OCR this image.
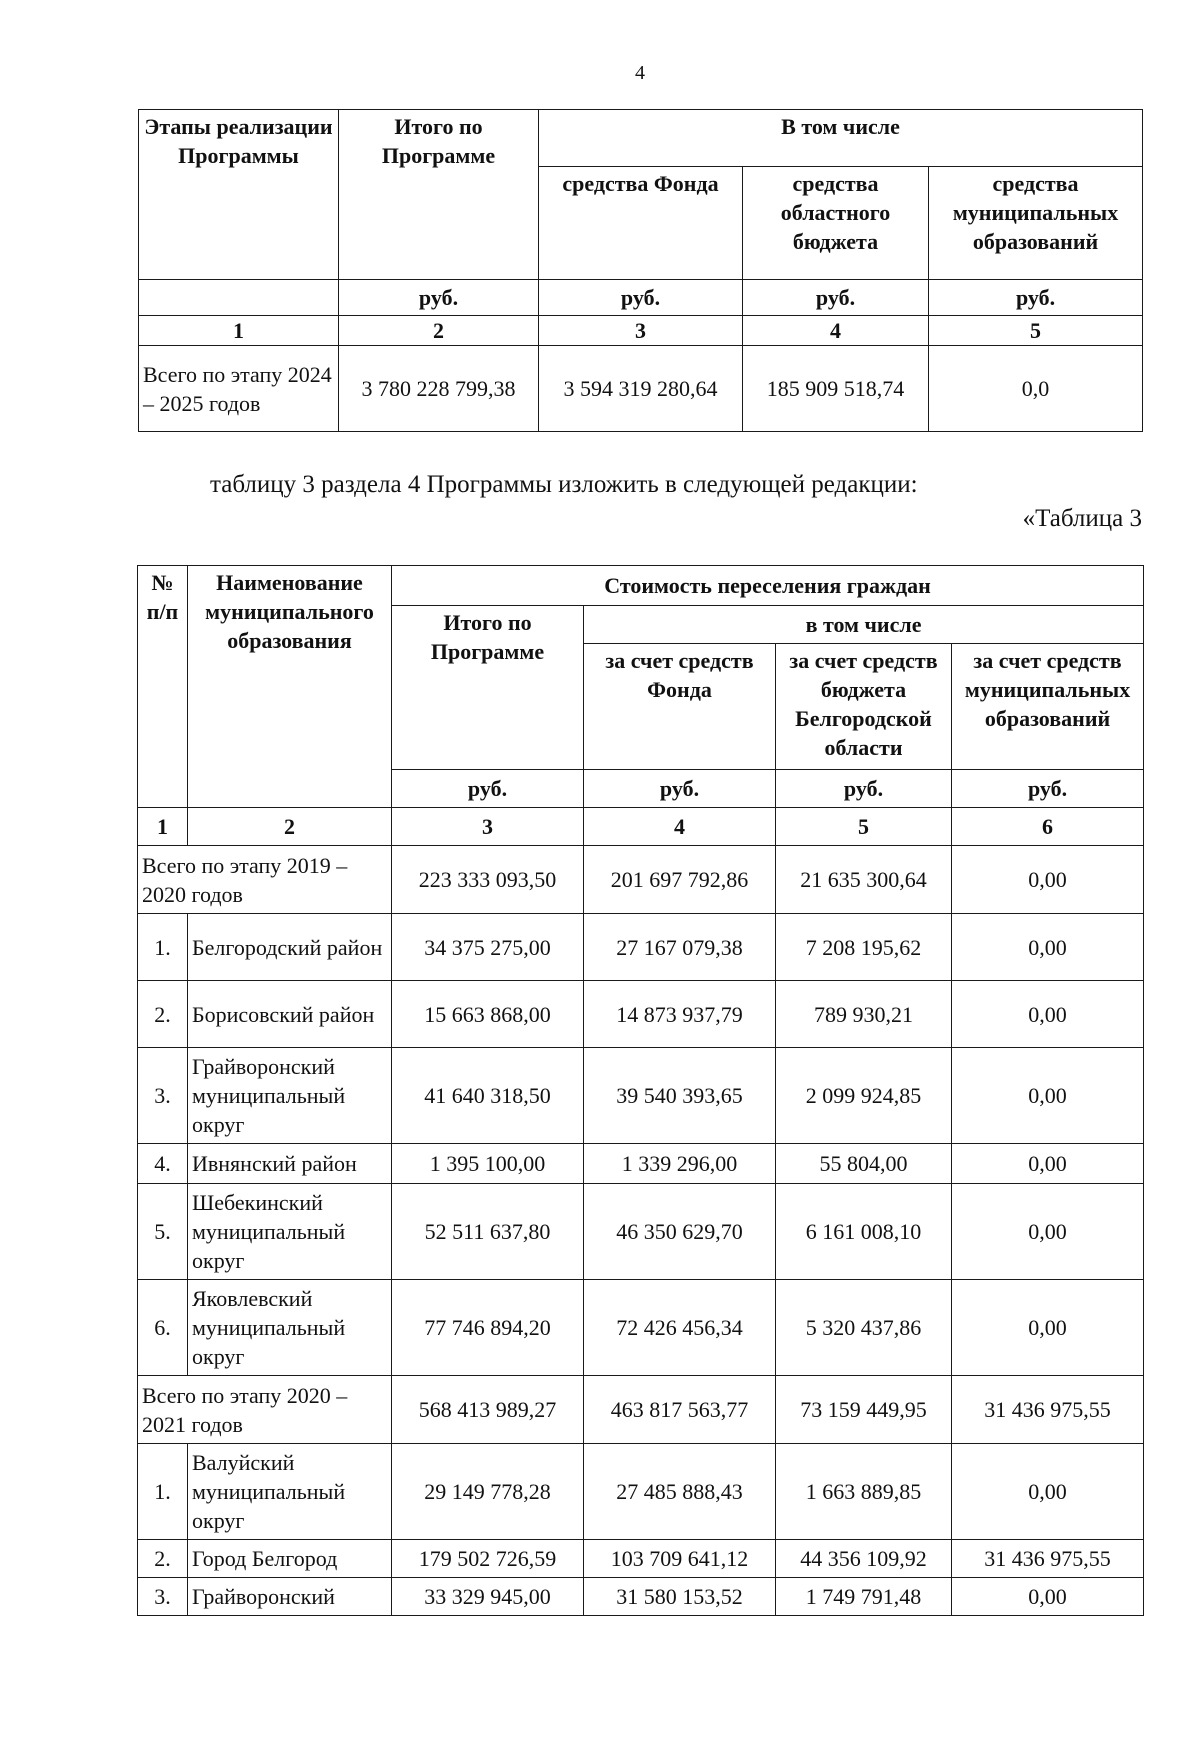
4
Этапы реализации Программы	Итого по Программе	В том числе		
		средства Фонда	средства областного бюджета	средства муниципальных образований
	руб.	руб.	руб.	руб.
1	2	3	4	5
Всего по этапу 2024 – 2025 годов	3 780 228 799,38	3 594 319 280,64	185 909 518,74	0,0
таблицу 3 раздела 4 Программы изложить в следующей редакции:
«Таблица 3
№ п/п	Наименование муниципального образования	Стоимость переселения граждан			
		Итого по Программе	в том числе		
			за счет средств Фонда	за счет средств бюджета Белгородской области	за счет средств муниципальных образований
		руб.	руб.	руб.	руб.
1	2	3	4	5	6
Всего по этапу 2019 – 2020 годов		223 333 093,50	201 697 792,86	21 635 300,64	0,00
1.	Белгородский район	34 375 275,00	27 167 079,38	7 208 195,62	0,00
2.	Борисовский район	15 663 868,00	14 873 937,79	789 930,21	0,00
3.	Грайворонский муниципальный округ	41 640 318,50	39 540 393,65	2 099 924,85	0,00
4.	Ивнянский район	1 395 100,00	1 339 296,00	55 804,00	0,00
5.	Шебекинский муниципальный округ	52 511 637,80	46 350 629,70	6 161 008,10	0,00
6.	Яковлевский муниципальный округ	77 746 894,20	72 426 456,34	5 320 437,86	0,00
Всего по этапу 2020 – 2021 годов		568 413 989,27	463 817 563,77	73 159 449,95	31 436 975,55
1.	Валуйский муниципальный округ	29 149 778,28	27 485 888,43	1 663 889,85	0,00
2.	Город Белгород	179 502 726,59	103 709 641,12	44 356 109,92	31 436 975,55
3.	Грайворонский	33 329 945,00	31 580 153,52	1 749 791,48	0,00
